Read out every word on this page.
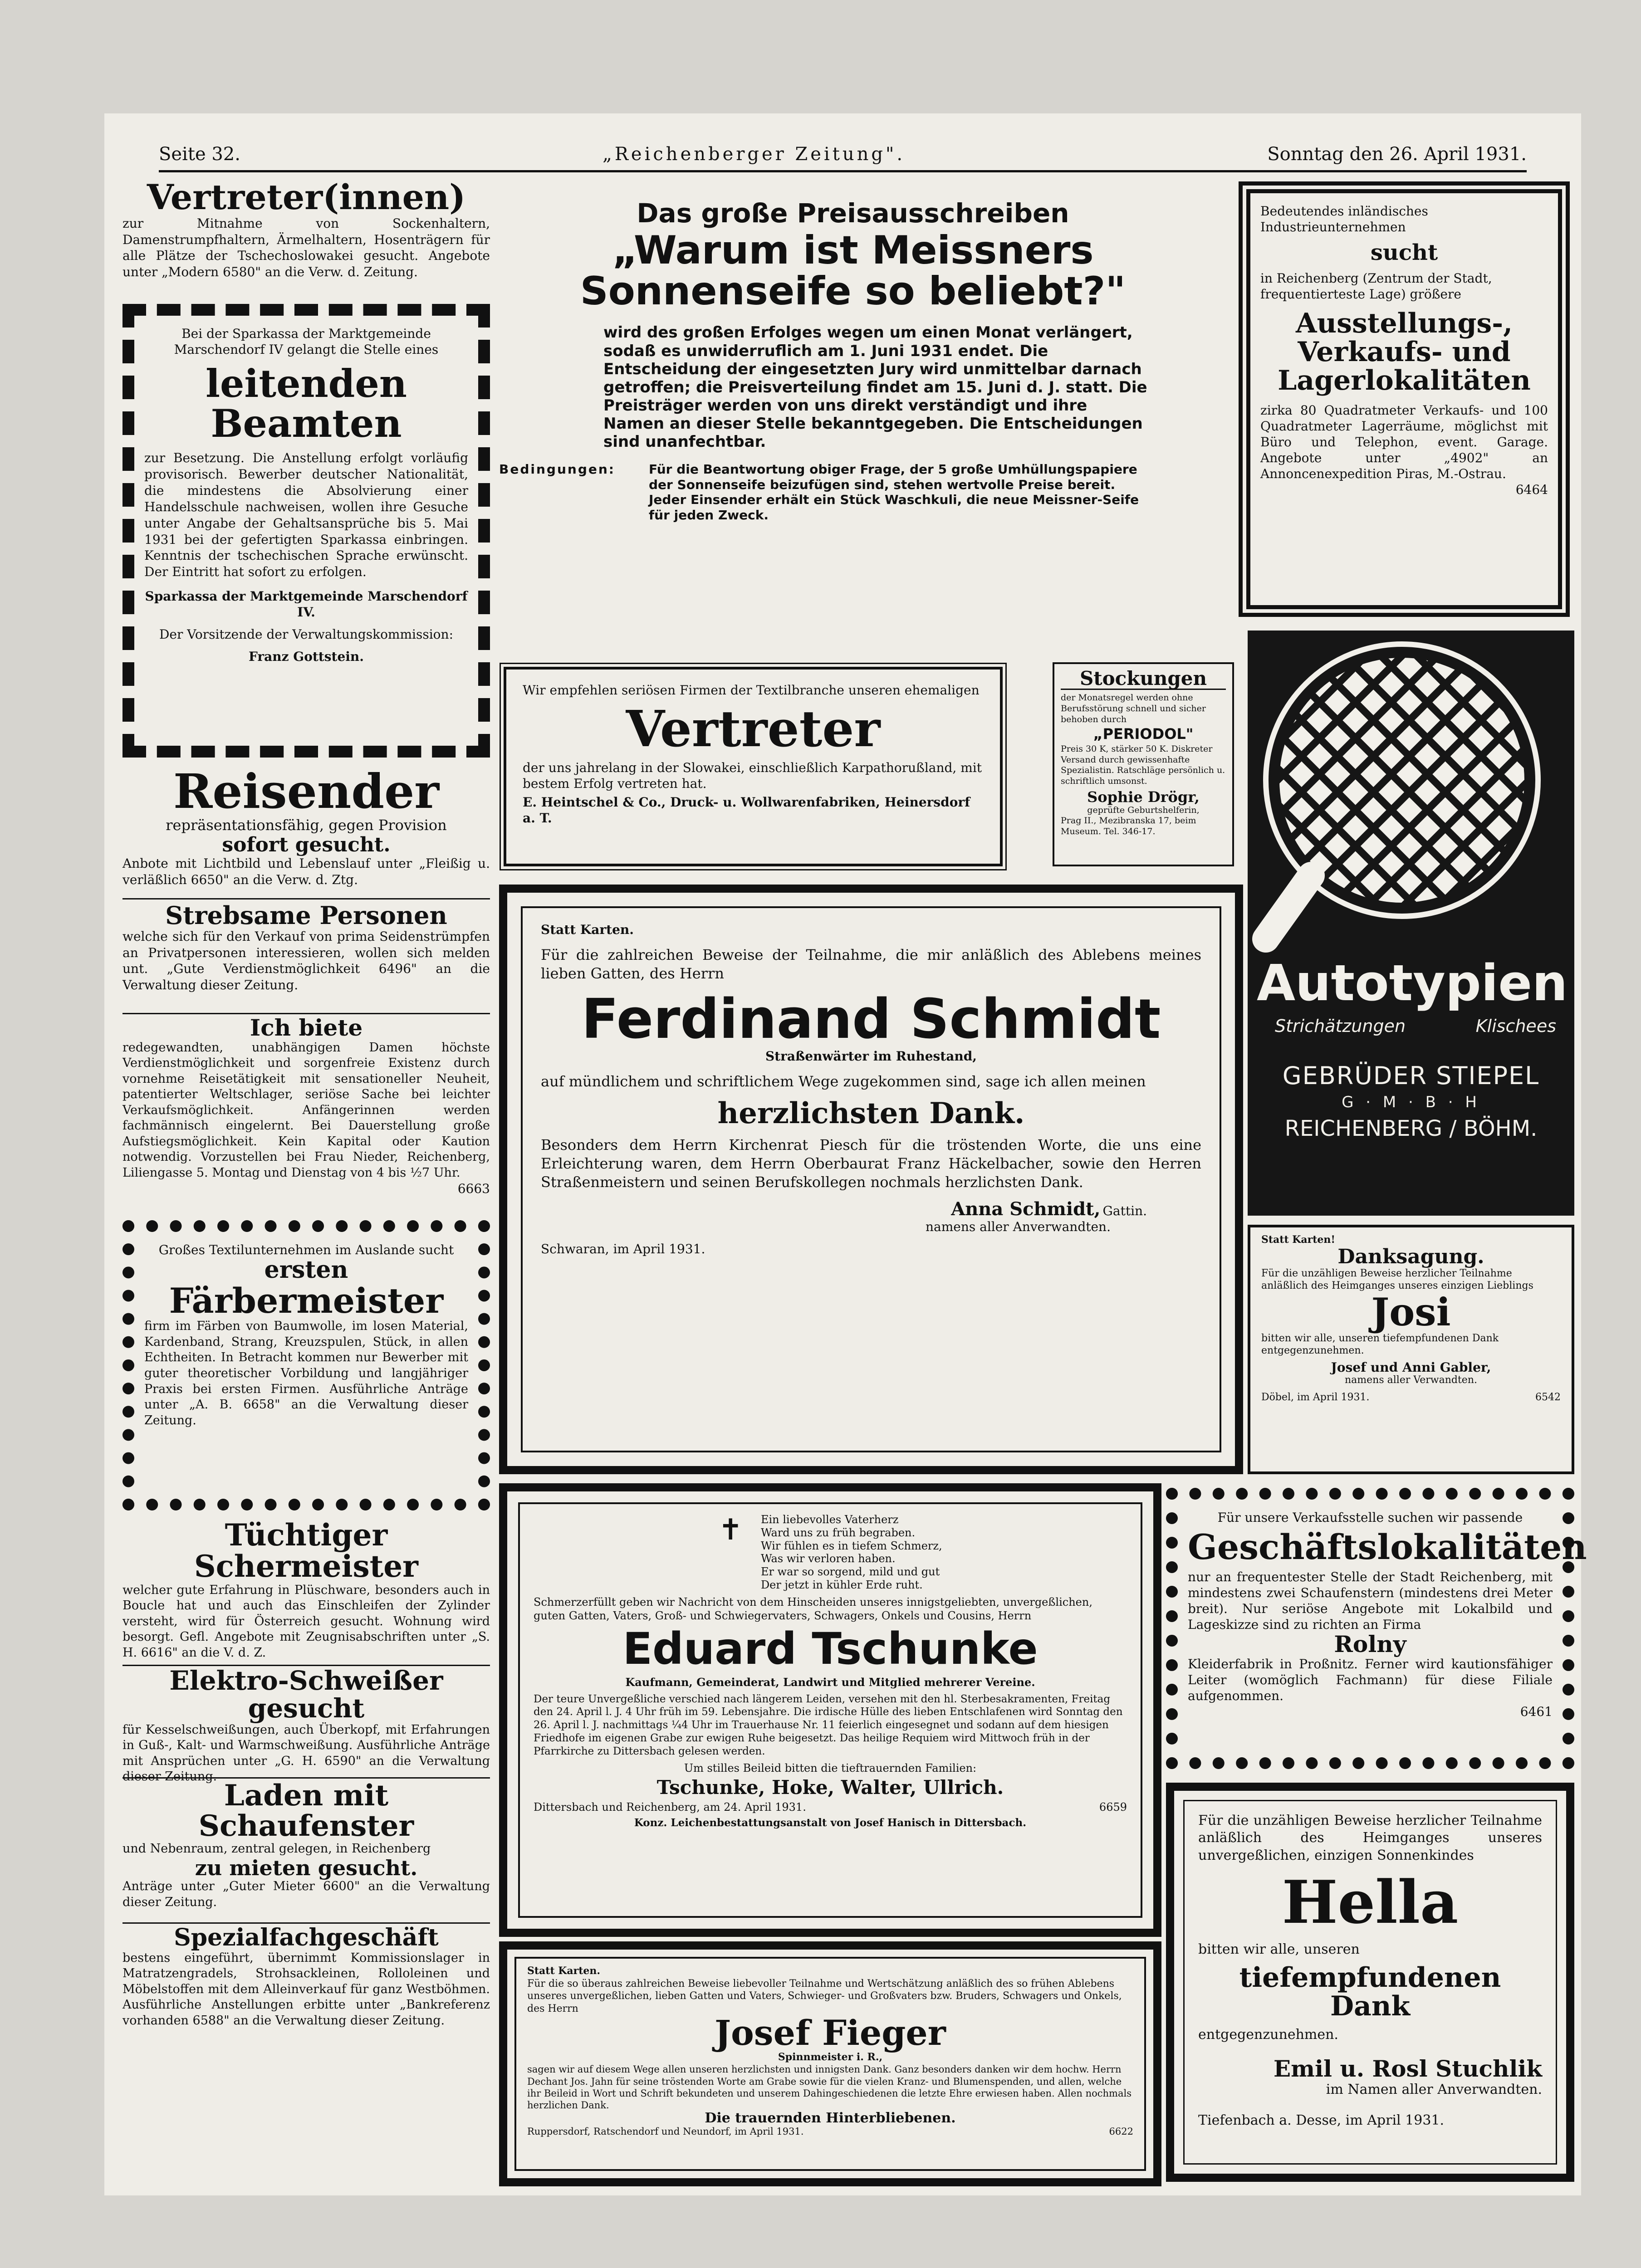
Seite 32.	„Reichenberger Zeitung".	Sonntag den 26. April 1931.
Vertreter(innen)
zur Mitnahme von Sockenhaltern, Damenstrumpfhaltern, Ärmelhaltern, Hosenträgern für alle Plätze der Tschechoslowakei gesucht. Angebote unter „Modern 6580" an die Verw. d. Zeitung.
Bei der Sparkassa der Marktgemeinde Marschendorf IV gelangt die Stelle eines
leitenden Beamten
zur Besetzung. Die Anstellung erfolgt vorläufig provisorisch. Bewerber deutscher Nationalität, die mindestens die Absolvierung einer Handelsschule nachweisen, wollen ihre Gesuche unter Angabe der Gehaltsansprüche bis 5. Mai 1931 bei der gefertigten Sparkassa einbringen. Kenntnis der tschechischen Sprache erwünscht. Der Eintritt hat sofort zu erfolgen.
Sparkassa der Marktgemeinde Marschendorf IV.
Der Vorsitzende der Verwaltungskommission:
Franz Gottstein.
Reisender
repräsentationsfähig, gegen Provision
sofort gesucht.
Anbote mit Lichtbild und Lebenslauf unter „Fleißig u. verläßlich 6650" an die Verw. d. Ztg.
Strebsame Personen
welche sich für den Verkauf von prima Seidenstrümpfen an Privatpersonen interessieren, wollen sich melden unt. „Gute Verdienstmöglichkeit 6496" an die Verwaltung dieser Zeitung.
Ich biete
redegewandten, unabhängigen Damen höchste Verdienstmöglichkeit und sorgenfreie Existenz durch vornehme Reisetätigkeit mit sensationeller Neuheit, patentierter Weltschlager, seriöse Sache bei leichter Verkaufsmöglichkeit. Anfängerinnen werden fachmännisch eingelernt. Bei Dauerstellung große Aufstiegsmöglichkeit. Kein Kapital oder Kaution notwendig. Vorzustellen bei Frau Nieder, Reichenberg, Liliengasse 5. Montag und Dienstag von 4 bis ½7 Uhr.
6663
Großes Textilunternehmen im Auslande sucht
ersten
Färbermeister
firm im Färben von Baumwolle, im losen Material, Kardenband, Strang, Kreuzspulen, Stück, in allen Echtheiten. In Betracht kommen nur Bewerber mit guter theoretischer Vorbildung und langjähriger Praxis bei ersten Firmen. Ausführliche Anträge unter „A. B. 6658" an die Verwaltung dieser Zeitung.
Tüchtiger Schermeister
welcher gute Erfahrung in Plüschware, besonders auch in Boucle hat und auch das Einschleifen der Zylinder versteht, wird für Österreich gesucht. Wohnung wird besorgt. Gefl. Angebote mit Zeugnisabschriften unter „S. H. 6616" an die V. d. Z.
Elektro-Schweißer gesucht
für Kesselschweißungen, auch Überkopf, mit Erfahrungen in Guß-, Kalt- und Warmschweißung. Ausführliche Anträge mit Ansprüchen unter „G. H. 6590" an die Verwaltung dieser Zeitung.
Laden mit Schaufenster
und Nebenraum, zentral gelegen, in Reichenberg
zu mieten gesucht.
Anträge unter „Guter Mieter 6600" an die Verwaltung dieser Zeitung.
Spezialfachgeschäft
bestens eingeführt, übernimmt Kommissionslager in Matratzengradels, Strohsackleinen, Rolloleinen und Möbelstoffen mit dem Alleinverkauf für ganz Westböhmen. Ausführliche Anstellungen erbitte unter „Bankreferenz vorhanden 6588" an die Verwaltung dieser Zeitung.
Das große Preisausschreiben
„Warum ist Meissners
Sonnenseife so beliebt?"
wird des großen Erfolges wegen um einen Monat verlängert, sodaß es unwiderruflich am 1. Juni 1931 endet. Die Entscheidung der eingesetzten Jury wird unmittelbar darnach getroffen; die Preisverteilung findet am 15. Juni d. J. statt. Die Preisträger werden von uns direkt verständigt und ihre Namen an dieser Stelle bekanntgegeben. Die Entscheidungen sind unanfechtbar.
Bedingungen:	Für die Beantwortung obiger Frage, der 5 große Umhüllungspapiere der Sonnenseife beizufügen sind, stehen wertvolle Preise bereit. Jeder Einsender erhält ein Stück Waschkuli, die neue Meissner-Seife für jeden Zweck.
Wir empfehlen seriösen Firmen der Textilbranche unseren ehemaligen
Vertreter
der uns jahrelang in der Slowakei, einschließlich Karpathorußland, mit bestem Erfolg vertreten hat.
E. Heintschel & Co., Druck- u. Wollwarenfabriken, Heinersdorf a. T.
Statt Karten.
Für die zahlreichen Beweise der Teilnahme, die mir anläßlich des Ablebens meines lieben Gatten, des Herrn
Ferdinand Schmidt
Straßenwärter im Ruhestand,
auf mündlichem und schriftlichem Wege zugekommen sind, sage ich allen meinen
herzlichsten Dank.
Besonders dem Herrn Kirchenrat Piesch für die tröstenden Worte, die uns eine Erleichterung waren, dem Herrn Oberbaurat Franz Häckelbacher, sowie den Herren Straßenmeistern und seinen Berufskollegen nochmals herzlichsten Dank.
Anna Schmidt, Gattin.
namens aller Anverwandten.
Schwaran, im April 1931.
✝ Ein liebevolles Vaterherz
Ward uns zu früh begraben.
Wir fühlen es in tiefem Schmerz,
Was wir verloren haben.
Er war so sorgend, mild und gut
Der jetzt in kühler Erde ruht.
Schmerzerfüllt geben wir Nachricht von dem Hinscheiden unseres innigstgeliebten, unvergeßlichen, guten Gatten, Vaters, Groß- und Schwiegervaters, Schwagers, Onkels und Cousins, Herrn
Eduard Tschunke
Kaufmann, Gemeinderat, Landwirt und Mitglied mehrerer Vereine.
Der teure Unvergeßliche verschied nach längerem Leiden, versehen mit den hl. Sterbesakramenten, Freitag den 24. April l. J. 4 Uhr früh im 59. Lebensjahre. Die irdische Hülle des lieben Entschlafenen wird Sonntag den 26. April l. J. nachmittags ¼4 Uhr im Trauerhause Nr. 11 feierlich eingesegnet und sodann auf dem hiesigen Friedhofe im eigenen Grabe zur ewigen Ruhe beigesetzt. Das heilige Requiem wird Mittwoch früh in der Pfarrkirche zu Dittersbach gelesen werden.
Um stilles Beileid bitten die tieftrauernden Familien:
Tschunke, Hoke, Walter, Ullrich.
Dittersbach und Reichenberg, am 24. April 1931.	6659
Konz. Leichenbestattungsanstalt von Josef Hanisch in Dittersbach.
Statt Karten.
Für die so überaus zahlreichen Beweise liebevoller Teilnahme und Wertschätzung anläßlich des so frühen Ablebens unseres unvergeßlichen, lieben Gatten und Vaters, Schwieger- und Großvaters bzw. Bruders, Schwagers und Onkels, des Herrn
Josef Fieger
Spinnmeister i. R.,
sagen wir auf diesem Wege allen unseren herzlichsten und innigsten Dank. Ganz besonders danken wir dem hochw. Herrn Dechant Jos. Jahn für seine tröstenden Worte am Grabe sowie für die vielen Kranz- und Blumenspenden, und allen, welche ihr Beileid in Wort und Schrift bekundeten und unserem Dahingeschiedenen die letzte Ehre erwiesen haben. Allen nochmals herzlichen Dank.
Die trauernden Hinterbliebenen.
Ruppersdorf, Ratschendorf und Neundorf, im April 1931.	6622
Bedeutendes inländisches Industrieunternehmen
sucht
in Reichenberg (Zentrum der Stadt, frequentierteste Lage) größere
Ausstellungs-, Verkaufs- und Lagerlokalitäten
zirka 80 Quadratmeter Verkaufs- und 100 Quadratmeter Lagerräume, möglichst mit Büro und Telephon, event. Garage. Angebote unter „4902" an Annoncenexpedition Piras, M.-Ostrau.
6464
Stockungen
der Monatsregel werden ohne Berufsstörung schnell und sicher behoben durch
„PERIODOL"
Preis 30 K, stärker 50 K. Diskreter Versand durch gewissenhafte Spezialistin. Ratschläge persönlich u. schriftlich umsonst.
Sophie Drögr,
geprüfte Geburtshelferin,
Prag II., Mezibranska 17, beim Museum. Tel. 346-17.
Autotypien
Strichätzungen	Klischees
GEBRÜDER STIEPEL
G · M · B · H
REICHENBERG / BÖHM.
Statt Karten!
Danksagung.
Für die unzähligen Beweise herzlicher Teilnahme anläßlich des Heimganges unseres einzigen Lieblings
Josi
bitten wir alle, unseren tiefempfundenen Dank entgegenzunehmen.
Josef und Anni Gabler,
namens aller Verwandten.
Döbel, im April 1931.	6542
Für unsere Verkaufsstelle suchen wir passende
Geschäftslokalitäten
nur an frequentester Stelle der Stadt Reichenberg, mit mindestens zwei Schaufenstern (mindestens drei Meter breit). Nur seriöse Angebote mit Lokalbild und Lageskizze sind zu richten an Firma
Rolny
Kleiderfabrik in Proßnitz. Ferner wird kautionsfähiger Leiter (womöglich Fachmann) für diese Filiale aufgenommen.
6461
Für die unzähligen Beweise herzlicher Teilnahme anläßlich des Heimganges unseres unvergeßlichen, einzigen Sonnenkindes
Hella
bitten wir alle, unseren
tiefempfundenen Dank
entgegenzunehmen.
Emil u. Rosl Stuchlik
im Namen aller Anverwandten.
Tiefenbach a. Desse, im April 1931.
